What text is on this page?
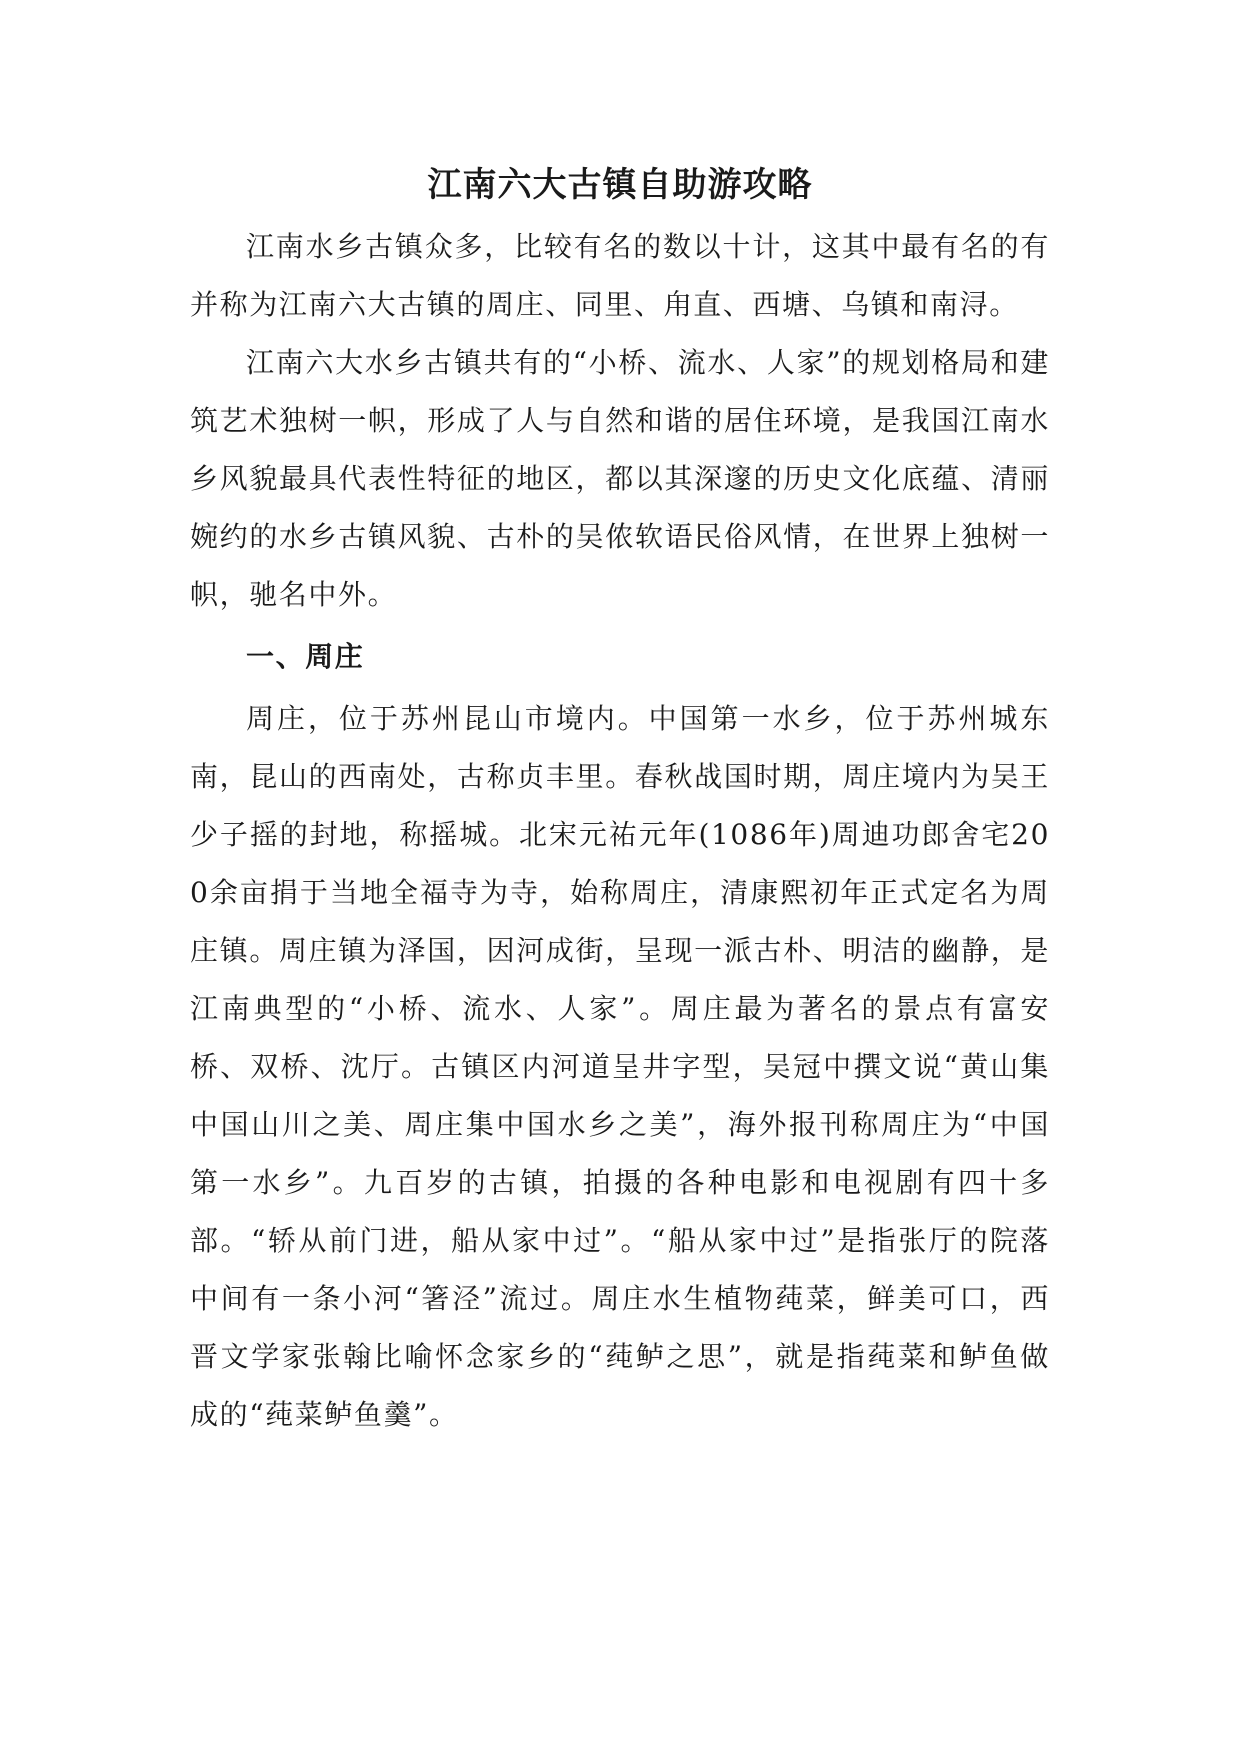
江南六大古镇自助游攻略

江南水乡古镇众多，比较有名的数以十计，这其中最有名的有并称为江南六大古镇的周庄、同里、甪直、西塘、乌镇和南浔。

江南六大水乡古镇共有的“小桥、流水、人家”的规划格局和建筑艺术独树一帜，形成了人与自然和谐的居住环境，是我国江南水乡风貌最具代表性特征的地区，都以其深邃的历史文化底蕴、清丽婉约的水乡古镇风貌、古朴的吴侬软语民俗风情，在世界上独树一帜，驰名中外。

一、周庄

周庄，位于苏州昆山市境内。中国第一水乡，位于苏州城东南，昆山的西南处，古称贞丰里。春秋战国时期，周庄境内为吴王少子摇的封地，称摇城。北宋元祐元年(1086年)周迪功郎舍宅200余亩捐于当地全福寺为寺，始称周庄，清康熙初年正式定名为周庄镇。周庄镇为泽国，因河成街，呈现一派古朴、明洁的幽静，是江南典型的“小桥、流水、人家”。周庄最为著名的景点有富安桥、双桥、沈厅。古镇区内河道呈井字型，吴冠中撰文说“黄山集中国山川之美、周庄集中国水乡之美”，海外报刊称周庄为“中国第一水乡”。九百岁的古镇，拍摄的各种电影和电视剧有四十多部。“轿从前门进，船从家中过”。“船从家中过”是指张厅的院落中间有一条小河“箸泾”流过。周庄水生植物莼菜，鲜美可口，西晋文学家张翰比喻怀念家乡的“莼鲈之思”，就是指莼菜和鲈鱼做成的“莼菜鲈鱼羹”。
